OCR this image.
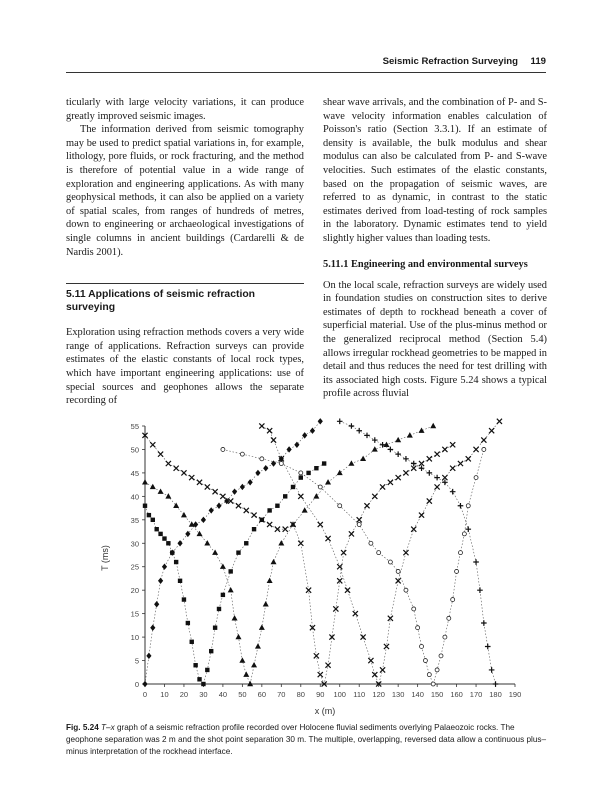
Seismic Refraction Surveying 119

ticularly with large velocity variations, it can produce greatly improved seismic images.

The information derived from seismic tomography may be used to predict spatial variations in, for example, lithology, pore fluids, or rock fracturing, and the method is therefore of potential value in a wide range of exploration and engineering applications. As with many geophysical methods, it can also be applied on a variety of spatial scales, from ranges of hundreds of metres, down to engineering or archaeological investigations of single columns in ancient buildings (Cardarelli & de Nardis 2001).

5.11 Applications of seismic refraction surveying

Exploration using refraction methods covers a very wide range of applications. Refraction surveys can provide estimates of the elastic constants of local rock types, which have important engineering applications: use of special sources and geophones allows the separate recording of

shear wave arrivals, and the combination of P- and S-wave velocity information enables calculation of Poisson's ratio (Section 3.3.1). If an estimate of density is available, the bulk modulus and shear modulus can also be calculated from P- and S-wave velocities. Such estimates of the elastic constants, based on the propagation of seismic waves, are referred to as dynamic, in contrast to the static estimates derived from load-testing of rock samples in the laboratory. Dynamic estimates tend to yield slightly higher values than loading tests.

5.11.1 Engineering and environmental surveys

On the local scale, refraction surveys are widely used in foundation studies on construction sites to derive estimates of depth to rockhead beneath a cover of superficial material. Use of the plus-minus method or the generalized reciprocal method (Section 5.4) allows irregular rockhead geometries to be mapped in detail and thus reduces the need for test drilling with its associated high costs. Figure 5.24 shows a typical profile across fluvial

0
5
10
15
20
25
30
35
40
45
50
55
0 10 20 30 40 50 60 70 80 90 100 110 120 130 140 150 160 170 180 190
T (ms)
x (m)
Fig. 5.24 T–x graph of a seismic refraction profile recorded over Holocene fluvial sediments overlying Palaeozoic rocks. The geophone separation was 2 m and the shot point separation 30 m. The multiple, overlapping, reversed data allow a continuous plus–minus interpretation of the rockhead interface.
